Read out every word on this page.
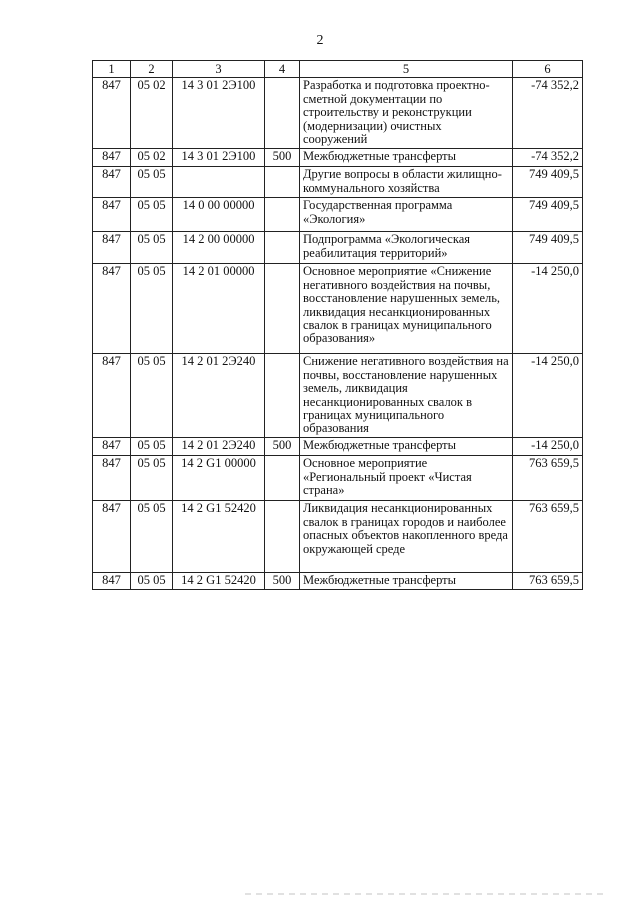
2
1	2	3	4	5	6
847	05 02	14 3 01 2Э100		Разработка и подготовка проектно-сметной документации по строительству и реконструкции (модернизации) очистных сооружений	-74 352,2
847	05 02	14 3 01 2Э100	500	Межбюджетные трансферты	-74 352,2
847	05 05			Другие вопросы в области жилищно-коммунального хозяйства	749 409,5
847	05 05	14 0 00 00000		Государственная программа «Экология»	749 409,5
847	05 05	14 2 00 00000		Подпрограмма «Экологическая реабилитация территорий»	749 409,5
847	05 05	14 2 01 00000		Основное мероприятие «Снижение негативного воздействия на почвы, восстановление нарушенных земель, ликвидация несанкционированных свалок в границах муниципального образования»	-14 250,0
847	05 05	14 2 01 2Э240		Снижение негативного воздействия на почвы, восстановление нарушенных земель, ликвидация несанкционированных свалок в границах муниципального образования	-14 250,0
847	05 05	14 2 01 2Э240	500	Межбюджетные трансферты	-14 250,0
847	05 05	14 2 G1 00000		Основное мероприятие «Региональный проект «Чистая страна»	763 659,5
847	05 05	14 2 G1 52420		Ликвидация несанкционированных свалок в границах городов и наиболее опасных объектов накопленного вреда окружающей среде	763 659,5
847	05 05	14 2 G1 52420	500	Межбюджетные трансферты	763 659,5
